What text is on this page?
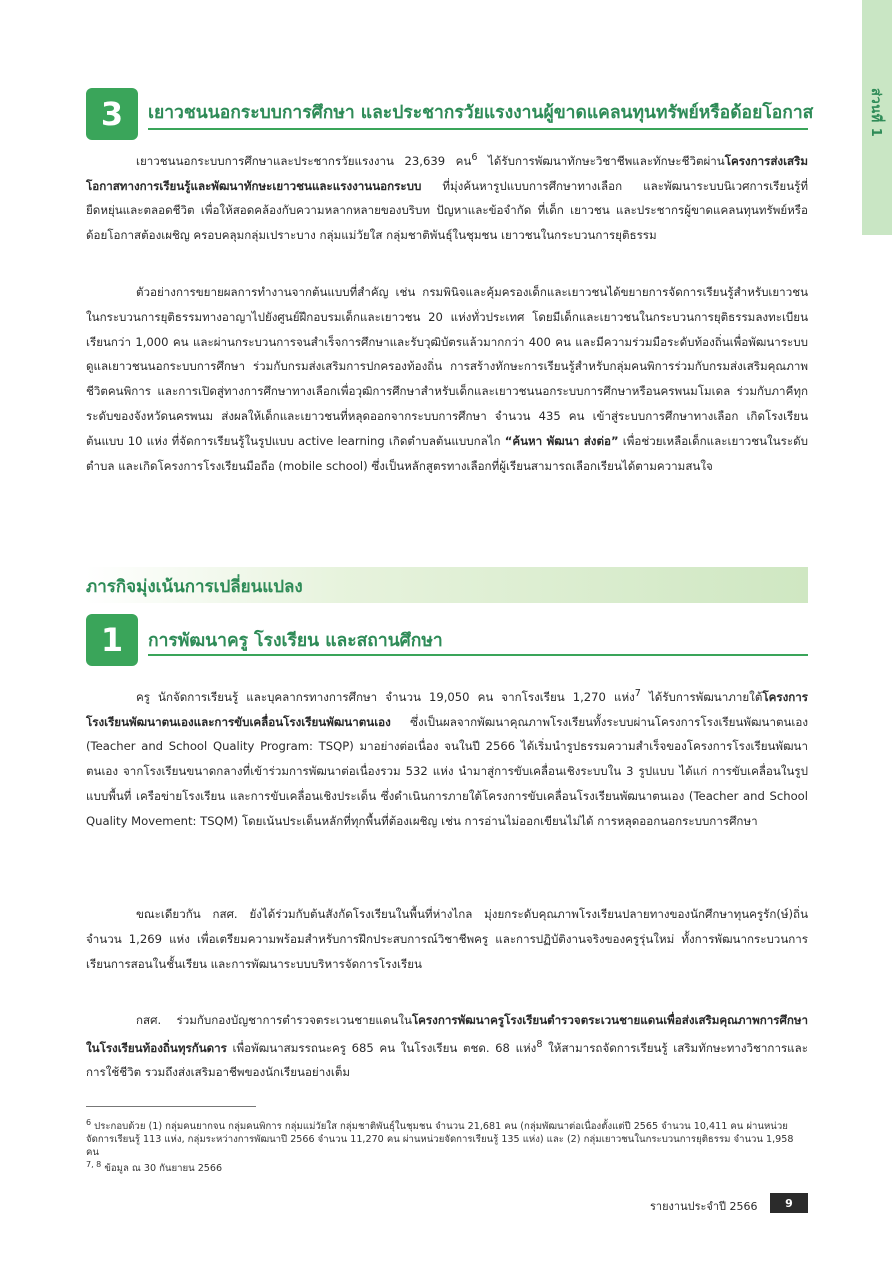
ส่วนที่ 1
3	เยาวชนนอกระบบการศึกษา และประชากรวัยแรงงานผู้ขาดแคลนทุนทรัพย์หรือด้อยโอกาส

เยาวชนนอกระบบการศึกษาและประชากรวัยแรงงาน 23,639 คน$^6$ ได้รับการพัฒนาทักษะวิชาชีพและทักษะชีวิตผ่านโครงการส่งเสริมโอกาสทางการเรียนรู้และพัฒนาทักษะเยาวชนและแรงงานนอกระบบ ที่มุ่งค้นหารูปแบบการศึกษาทางเลือก และพัฒนาระบบนิเวศการเรียนรู้ที่ยืดหยุ่นและตลอดชีวิต เพื่อให้สอดคล้องกับความหลากหลายของบริบท ปัญหาและข้อจำกัด ที่เด็ก เยาวชน และประชากรผู้ขาดแคลนทุนทรัพย์หรือด้อยโอกาสต้องเผชิญ ครอบคลุมกลุ่มเปราะบาง กลุ่มแม่วัยใส กลุ่มชาติพันธุ์ในชุมชน เยาวชนในกระบวนการยุติธรรม

ตัวอย่างการขยายผลการทำงานจากต้นแบบที่สำคัญ เช่น กรมพินิจและคุ้มครองเด็กและเยาวชนได้ขยายการจัดการเรียนรู้สำหรับเยาวชนในกระบวนการยุติธรรมทางอาญาไปยังศูนย์ฝึกอบรมเด็กและเยาวชน 20 แห่งทั่วประเทศ โดยมีเด็กและเยาวชนในกระบวนการยุติธรรมลงทะเบียนเรียนกว่า 1,000 คน และผ่านกระบวนการจนสำเร็จการศึกษาและรับวุฒิบัตรแล้วมากกว่า 400 คน และมีความร่วมมือระดับท้องถิ่นเพื่อพัฒนาระบบดูแลเยาวชนนอกระบบการศึกษา ร่วมกับกรมส่งเสริมการปกครองท้องถิ่น การสร้างทักษะการเรียนรู้สำหรับกลุ่มคนพิการร่วมกับกรมส่งเสริมคุณภาพชีวิตคนพิการ และการเปิดสู่ทางการศึกษาทางเลือกเพื่อวุฒิการศึกษาสำหรับเด็กและเยาวชนนอกระบบการศึกษาหรือนครพนมโมเดล ร่วมกับภาคีทุกระดับของจังหวัดนครพนม ส่งผลให้เด็กและเยาวชนที่หลุดออกจากระบบการศึกษา จำนวน 435 คน เข้าสู่ระบบการศึกษาทางเลือก เกิดโรงเรียนต้นแบบ 10 แห่ง ที่จัดการเรียนรู้ในรูปแบบ active learning เกิดตำบลต้นแบบกลไก “ค้นหา พัฒนา ส่งต่อ” เพื่อช่วยเหลือเด็กและเยาวชนในระดับตำบล และเกิดโครงการโรงเรียนมือถือ (mobile school) ซึ่งเป็นหลักสูตรทางเลือกที่ผู้เรียนสามารถเลือกเรียนได้ตามความสนใจ

ภารกิจมุ่งเน้นการเปลี่ยนแปลง
1	การพัฒนาครู โรงเรียน และสถานศึกษา

ครู นักจัดการเรียนรู้ และบุคลากรทางการศึกษา จำนวน 19,050 คน จากโรงเรียน 1,270 แห่ง$^7$ ได้รับการพัฒนาภายใต้โครงการโรงเรียนพัฒนาตนเองและการขับเคลื่อนโรงเรียนพัฒนาตนเอง ซึ่งเป็นผลจากพัฒนาคุณภาพโรงเรียนทั้งระบบผ่านโครงการโรงเรียนพัฒนาตนเอง (Teacher and School Quality Program: TSQP) มาอย่างต่อเนื่อง จนในปี 2566 ได้เริ่มนำรูปธรรมความสำเร็จของโครงการโรงเรียนพัฒนาตนเอง จากโรงเรียนขนาดกลางที่เข้าร่วมการพัฒนาต่อเนื่องรวม 532 แห่ง นำมาสู่การขับเคลื่อนเชิงระบบใน 3 รูปแบบ ได้แก่ การขับเคลื่อนในรูปแบบพื้นที่ เครือข่ายโรงเรียน และการขับเคลื่อนเชิงประเด็น ซึ่งดำเนินการภายใต้โครงการขับเคลื่อนโรงเรียนพัฒนาตนเอง (Teacher and School Quality Movement: TSQM) โดยเน้นประเด็นหลักที่ทุกพื้นที่ต้องเผชิญ เช่น การอ่านไม่ออกเขียนไม่ได้ การหลุดออกนอกระบบการศึกษา

ขณะเดียวกัน กสศ. ยังได้ร่วมกับต้นสังกัดโรงเรียนในพื้นที่ห่างไกล มุ่งยกระดับคุณภาพโรงเรียนปลายทางของนักศึกษาทุนครูรัก(ษ์)ถิ่นจำนวน 1,269 แห่ง เพื่อเตรียมความพร้อมสำหรับการฝึกประสบการณ์วิชาชีพครู และการปฏิบัติงานจริงของครูรุ่นใหม่ ทั้งการพัฒนากระบวนการเรียนการสอนในชั้นเรียน และการพัฒนาระบบบริหารจัดการโรงเรียน

กสศ. ร่วมกับกองบัญชาการตำรวจตระเวนชายแดนในโครงการพัฒนาครูโรงเรียนตำรวจตระเวนชายแดนเพื่อส่งเสริมคุณภาพการศึกษาในโรงเรียนท้องถิ่นทุรกันดาร เพื่อพัฒนาสมรรถนะครู 685 คน ในโรงเรียน ตชด. 68 แห่ง$^8$ ให้สามารถจัดการเรียนรู้ เสริมทักษะทางวิชาการและการใช้ชีวิต รวมถึงส่งเสริมอาชีพของนักเรียนอย่างเต็ม

$^6$ ประกอบด้วย (1) กลุ่มคนยากจน กลุ่มคนพิการ กลุ่มแม่วัยใส กลุ่มชาติพันธุ์ในชุมชน จำนวน 21,681 คน (กลุ่มพัฒนาต่อเนื่องตั้งแต่ปี 2565 จำนวน 10,411 คน ผ่านหน่วยจัดการเรียนรู้ 113 แห่ง, กลุ่มระหว่างการพัฒนาปี 2566 จำนวน 11,270 คน ผ่านหน่วยจัดการเรียนรู้ 135 แห่ง) และ (2) กลุ่มเยาวชนในกระบวนการยุติธรรม จำนวน 1,958 คน

$^{7, 8}$ ข้อมูล ณ 30 กันยายน 2566

รายงานประจำปี 2566	9
